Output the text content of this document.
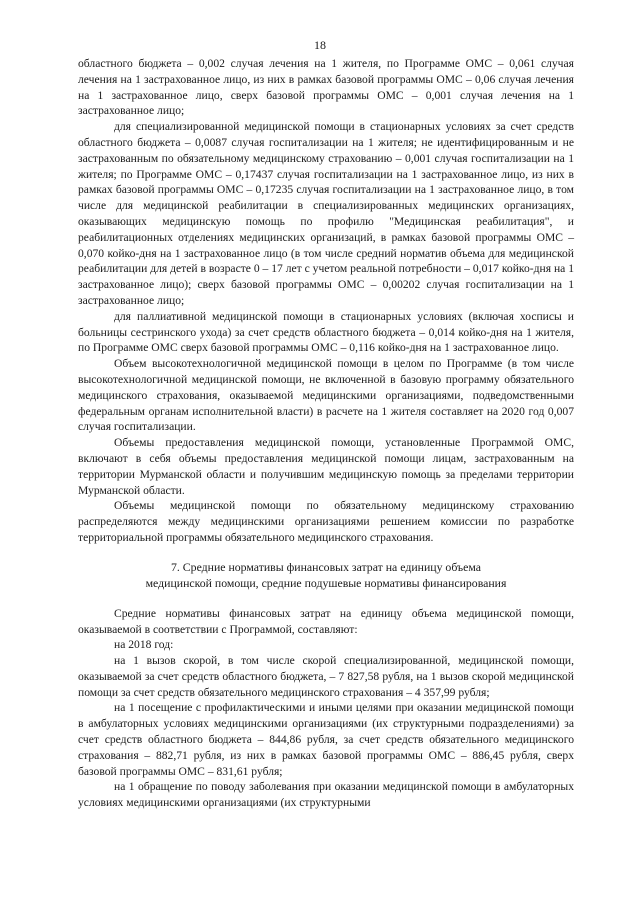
18

областного бюджета – 0,002 случая лечения на 1 жителя, по Программе ОМС – 0,061 случая лечения на 1 застрахованное лицо, из них в рамках базовой программы ОМС – 0,06 случая лечения на 1 застрахованное лицо, сверх базовой программы ОМС – 0,001 случая лечения на 1 застрахованное лицо;

для специализированной медицинской помощи в стационарных условиях за счет средств областного бюджета – 0,0087 случая госпитализации на 1 жителя; не идентифицированным и не застрахованным по обязательному медицинскому страхованию – 0,001 случая госпитализации на 1 жителя; по Программе ОМС – 0,17437 случая госпитализации на 1 застрахованное лицо, из них в рамках базовой программы ОМС – 0,17235 случая госпитализации на 1 застрахованное лицо, в том числе для медицинской реабилитации в специализированных медицинских организациях, оказывающих медицинскую помощь по профилю "Медицинская реабилитация", и реабилитационных отделениях медицинских организаций, в рамках базовой программы ОМС – 0,070 койко-дня на 1 застрахованное лицо (в том числе средний норматив объема для медицинской реабилитации для детей в возрасте 0 – 17 лет с учетом реальной потребности – 0,017 койко-дня на 1 застрахованное лицо); сверх базовой программы ОМС – 0,00202 случая госпитализации на 1 застрахованное лицо;

для паллиативной медицинской помощи в стационарных условиях (включая хосписы и больницы сестринского ухода) за счет средств областного бюджета – 0,014 койко-дня на 1 жителя, по Программе ОМС сверх базовой программы ОМС – 0,116 койко-дня на 1 застрахованное лицо.

Объем высокотехнологичной медицинской помощи в целом по Программе (в том числе высокотехнологичной медицинской помощи, не включенной в базовую программу обязательного медицинского страхования, оказываемой медицинскими организациями, подведомственными федеральным органам исполнительной власти) в расчете на 1 жителя составляет на 2020 год 0,007 случая госпитализации.

Объемы предоставления медицинской помощи, установленные Программой ОМС, включают в себя объемы предоставления медицинской помощи лицам, застрахованным на территории Мурманской области и получившим медицинскую помощь за пределами территории Мурманской области.

Объемы медицинской помощи по обязательному медицинскому страхованию распределяются между медицинскими организациями решением комиссии по разработке территориальной программы обязательного медицинского страхования.

7. Средние нормативы финансовых затрат на единицу объема
медицинской помощи, средние подушевые нормативы финансирования

Средние нормативы финансовых затрат на единицу объема медицинской помощи, оказываемой в соответствии с Программой, составляют:

на 2018 год:

на 1 вызов скорой, в том числе скорой специализированной, медицинской помощи, оказываемой за счет средств областного бюджета, – 7 827,58 рубля, на 1 вызов скорой медицинской помощи за счет средств обязательного медицинского страхования – 4 357,99 рубля;

на 1 посещение с профилактическими и иными целями при оказании медицинской помощи в амбулаторных условиях медицинскими организациями (их структурными подразделениями) за счет средств областного бюджета – 844,86 рубля, за счет средств обязательного медицинского страхования – 882,71 рубля, из них в рамках базовой программы ОМС – 886,45 рубля, сверх базовой программы ОМС – 831,61 рубля;

на 1 обращение по поводу заболевания при оказании медицинской помощи в амбулаторных условиях медицинскими организациями (их структурными
